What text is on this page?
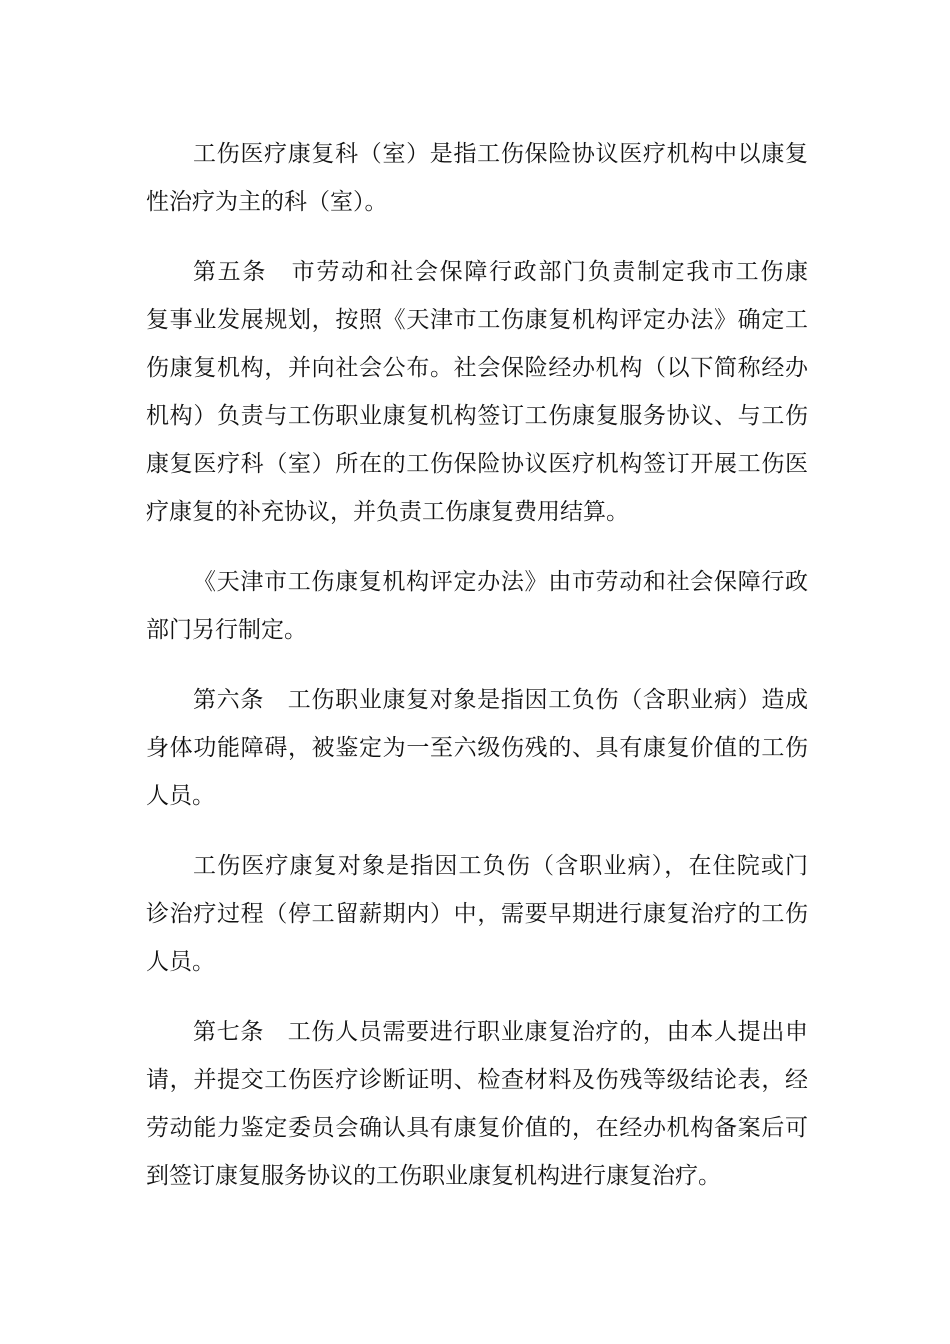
工伤医疗康复科（室）是指工伤保险协议医疗机构中以康复
性治疗为主的科（室）。

第五条　市劳动和社会保障行政部门负责制定我市工伤康
复事业发展规划，按照《天津市工伤康复机构评定办法》确定工
伤康复机构，并向社会公布。社会保险经办机构（以下简称经办
机构）负责与工伤职业康复机构签订工伤康复服务协议、与工伤
康复医疗科（室）所在的工伤保险协议医疗机构签订开展工伤医
疗康复的补充协议，并负责工伤康复费用结算。

《天津市工伤康复机构评定办法》由市劳动和社会保障行政
部门另行制定。

第六条　工伤职业康复对象是指因工负伤（含职业病）造成
身体功能障碍，被鉴定为一至六级伤残的、具有康复价值的工伤
人员。

工伤医疗康复对象是指因工负伤（含职业病），在住院或门
诊治疗过程（停工留薪期内）中，需要早期进行康复治疗的工伤
人员。

第七条　工伤人员需要进行职业康复治疗的，由本人提出申
请，并提交工伤医疗诊断证明、检查材料及伤残等级结论表，经
劳动能力鉴定委员会确认具有康复价值的，在经办机构备案后可
到签订康复服务协议的工伤职业康复机构进行康复治疗。
